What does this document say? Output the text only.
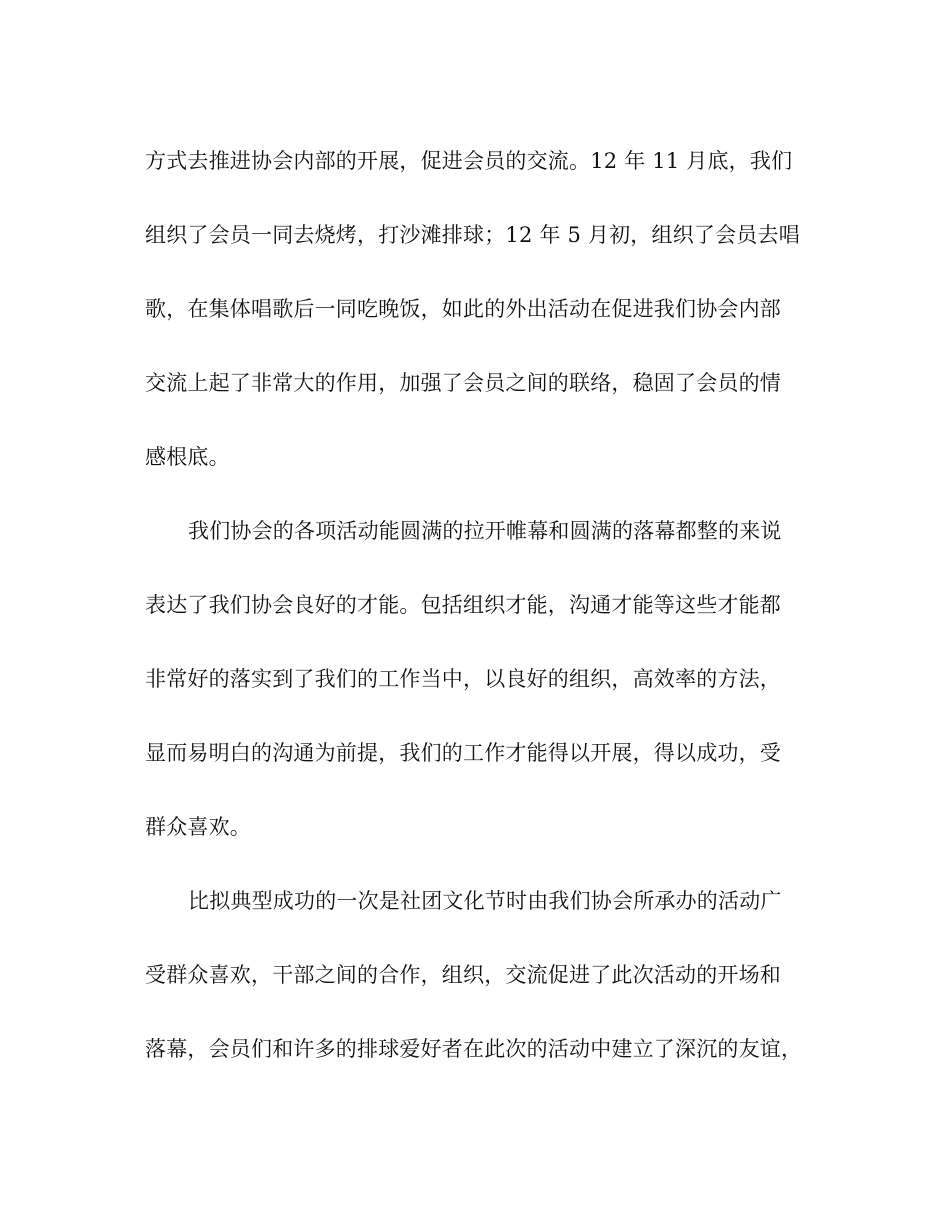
方式去推进协会内部的开展，促进会员的交流。12 年 11 月底，我们
组织了会员一同去烧烤，打沙滩排球；12 年 5 月初，组织了会员去唱
歌，在集体唱歌后一同吃晚饭，如此的外出活动在促进我们协会内部
交流上起了非常大的作用，加强了会员之间的联络，稳固了会员的情
感根底。
我们协会的各项活动能圆满的拉开帷幕和圆满的落幕都整的来说
表达了我们协会良好的才能。包括组织才能，沟通才能等这些才能都
非常好的落实到了我们的工作当中，以良好的组织，高效率的方法，
显而易明白的沟通为前提，我们的工作才能得以开展，得以成功，受
群众喜欢。
比拟典型成功的一次是社团文化节时由我们协会所承办的活动广
受群众喜欢，干部之间的合作，组织，交流促进了此次活动的开场和
落幕，会员们和许多的排球爱好者在此次的活动中建立了深沉的友谊，
